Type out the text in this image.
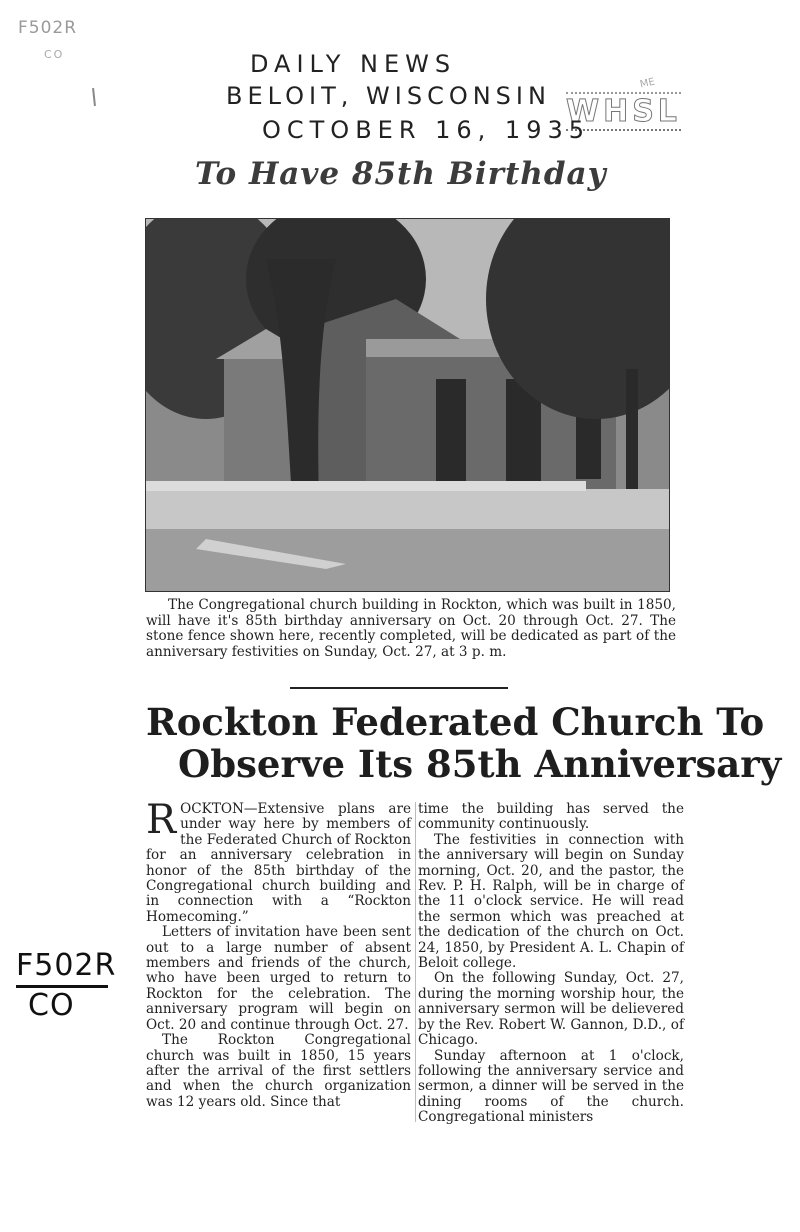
F502R
CO
ME
WHSL
DAILY NEWS
BELOIT, WISCONSIN
OCTOBER 16, 1935
To Have 85th Birthday

The Congregational church building in Rockton, which was built in 1850, will have it's 85th birthday anniversary on Oct. 20 through Oct. 27. The stone fence shown here, recently completed, will be dedicated as part of the anniversary festivities on Sunday, Oct. 27, at 3 p. m.

Rockton Federated Church To
Observe Its 85th Anniversary

ROCKTON—Extensive plans are under way here by members of the Federated Church of Rockton for an anniversary celebration in honor of the 85th birthday of the Congregational church building and in connection with a “Rockton Homecoming.”

Letters of invitation have been sent out to a large number of absent members and friends of the church, who have been urged to return to Rockton for the celebration. The anniversary program will begin on Oct. 20 and continue through Oct. 27.

The Rockton Congregational church was built in 1850, 15 years after the arrival of the first settlers and when the church organization was 12 years old. Since that

time the building has served the community continuously.

The festivities in connection with the anniversary will begin on Sunday morning, Oct. 20, and the pastor, the Rev. P. H. Ralph, will be in charge of the 11 o'clock service. He will read the sermon which was preached at the dedication of the church on Oct. 24, 1850, by President A. L. Chapin of Beloit college.

On the following Sunday, Oct. 27, during the morning worship hour, the anniversary sermon will be delievered by the Rev. Robert W. Gannon, D.D., of Chicago.

Sunday afternoon at 1 o'clock, following the anniversary service and sermon, a dinner will be served in the dining rooms of the church. Congregational ministers

F502R
CO
